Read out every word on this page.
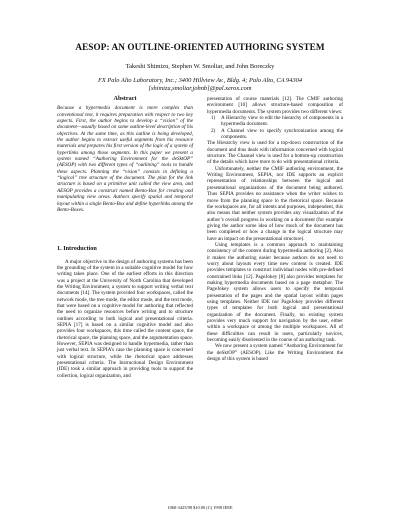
AESOP: AN OUTLINE-ORIENTED AUTHORING SYSTEM
Takeshi Shimizu, Stephen W. Smoliar, and John Boreczky
FX Palo Alto Laboratory, Inc.; 3400 Hillview Av., Bldg. 4; Palo Alto, CA 94304
[shimizu,smoliar,johnb]@pal.xerox.com
Abstract

Because a hypermedia document is more complex than conventional text, it requires preparation with respect to two key aspects. First, the author begins to develop a “vision” of the document—usually based on some outline-level description of his objectives. At the same time, as this outline is being developed, the author begins to extract useful segments from his resource materials and prepares his first version of the logic of a system of hyperlinks among those segments. In this paper we present a system named “Authoring Environment for the deSktOP” (AESOP) with two different types of “outlining” tools to handle these aspects. Planning the “vision” consists in defining a “logical” tree structure of the document. The plan for the link structure is based on a primitive unit called the view area, and AESOP provides a construct named Bento-Box for creating and manipulating view areas. Authors specify spatial and temporal layout within a single Bento-Box and define hyperlinks among the Bento-Boxes.

1. Introduction

A major objective in the design of authoring systems has been the grounding of the system in a suitable cognitive model for how writing takes place. One of the earliest efforts in this direction was a project at the University of North Carolina that developed the Writing Environment, a system to support writing verbal text documents [14]. The system provided four workspaces, called the network mode, the tree mode, the editor mode, and the text mode, that were based on a cognitive model for authoring that reflected the need to organize resources before writing and to structure outlines according to both logical and presentational criteria. SEPIA [17] is based on a similar cognitive model and also provides four workspaces, this time called the content space, the rhetorical space, the planning space, and the argumentation space. However, SEPIA was designed to handle hypermedia, rather than just verbal text. In SEPIA’s case the planning space is concerned with logical structure, while the rhetorical space addresses presentational criteria. The Instructional Design Environment (IDE) took a similar approach in providing tools to support the collection, logical organization, and

presentation of course materials [12]. The CMIF authoring environment [10] allows structure-based composition of hypermedia documents. The system provides two different views:

1) A Hierarchy view to edit the hierarchy of components in a hypermedia document.
2) A Channel view to specify synchronization among the components.

The Hierarchy view is used for a top-down construction of the document and thus deals with information concerned with logical structure. The Channel view is used for a bottom-up construction of the details which have more to do with presentational criteria.

Unfortunately, neither the CMIF authoring environment, the Writing Environment, SEPIA, nor IDE supports an explicit representation of relationships between the logical and presentational organizations of the document being authored. Thus SEPIA provides no assistance when the writer wishes to move from the planning space to the rhetorical space. Because the workspaces are, for all intents and purposes, independent, this also means that neither system provides any visualization of the author’s overall progress in working on a document (for example giving the author some idea of how much of the document has been completed or how a change in the logical structure may have an impact on the presentational structure).

Using templates is a common approach to maintaining consistency of the content during hypermedia authoring [2]. Also it makes the authoring easier because authors do not need to worry about layouts every time new content is created. IDE provides templates to construct individual nodes with pre-defined constrained links [12]. PageJokey [8] also provides templates for making hypermedia documents based on a page metaphor. The PageJokey system allows users to specify the temporal presentation of the pages and the spatial layout within pages using templates. Neither IDE nor PageJokey provides different types of templates for both logical and presentational organization of the document. Finally, no existing system provides very much support for navigation by the user, either within a workspace or among the multiple workspaces. All of these difficulties can result in users, particularly novices, becoming easily disoriented in the course of an authoring task.

We now present a system named “Authoring Environment for the deSktOP” (AESOP). Like the Writing Environment the design of this system is based

1060-3425/98 $10.00 (C) 1998 IEEE
